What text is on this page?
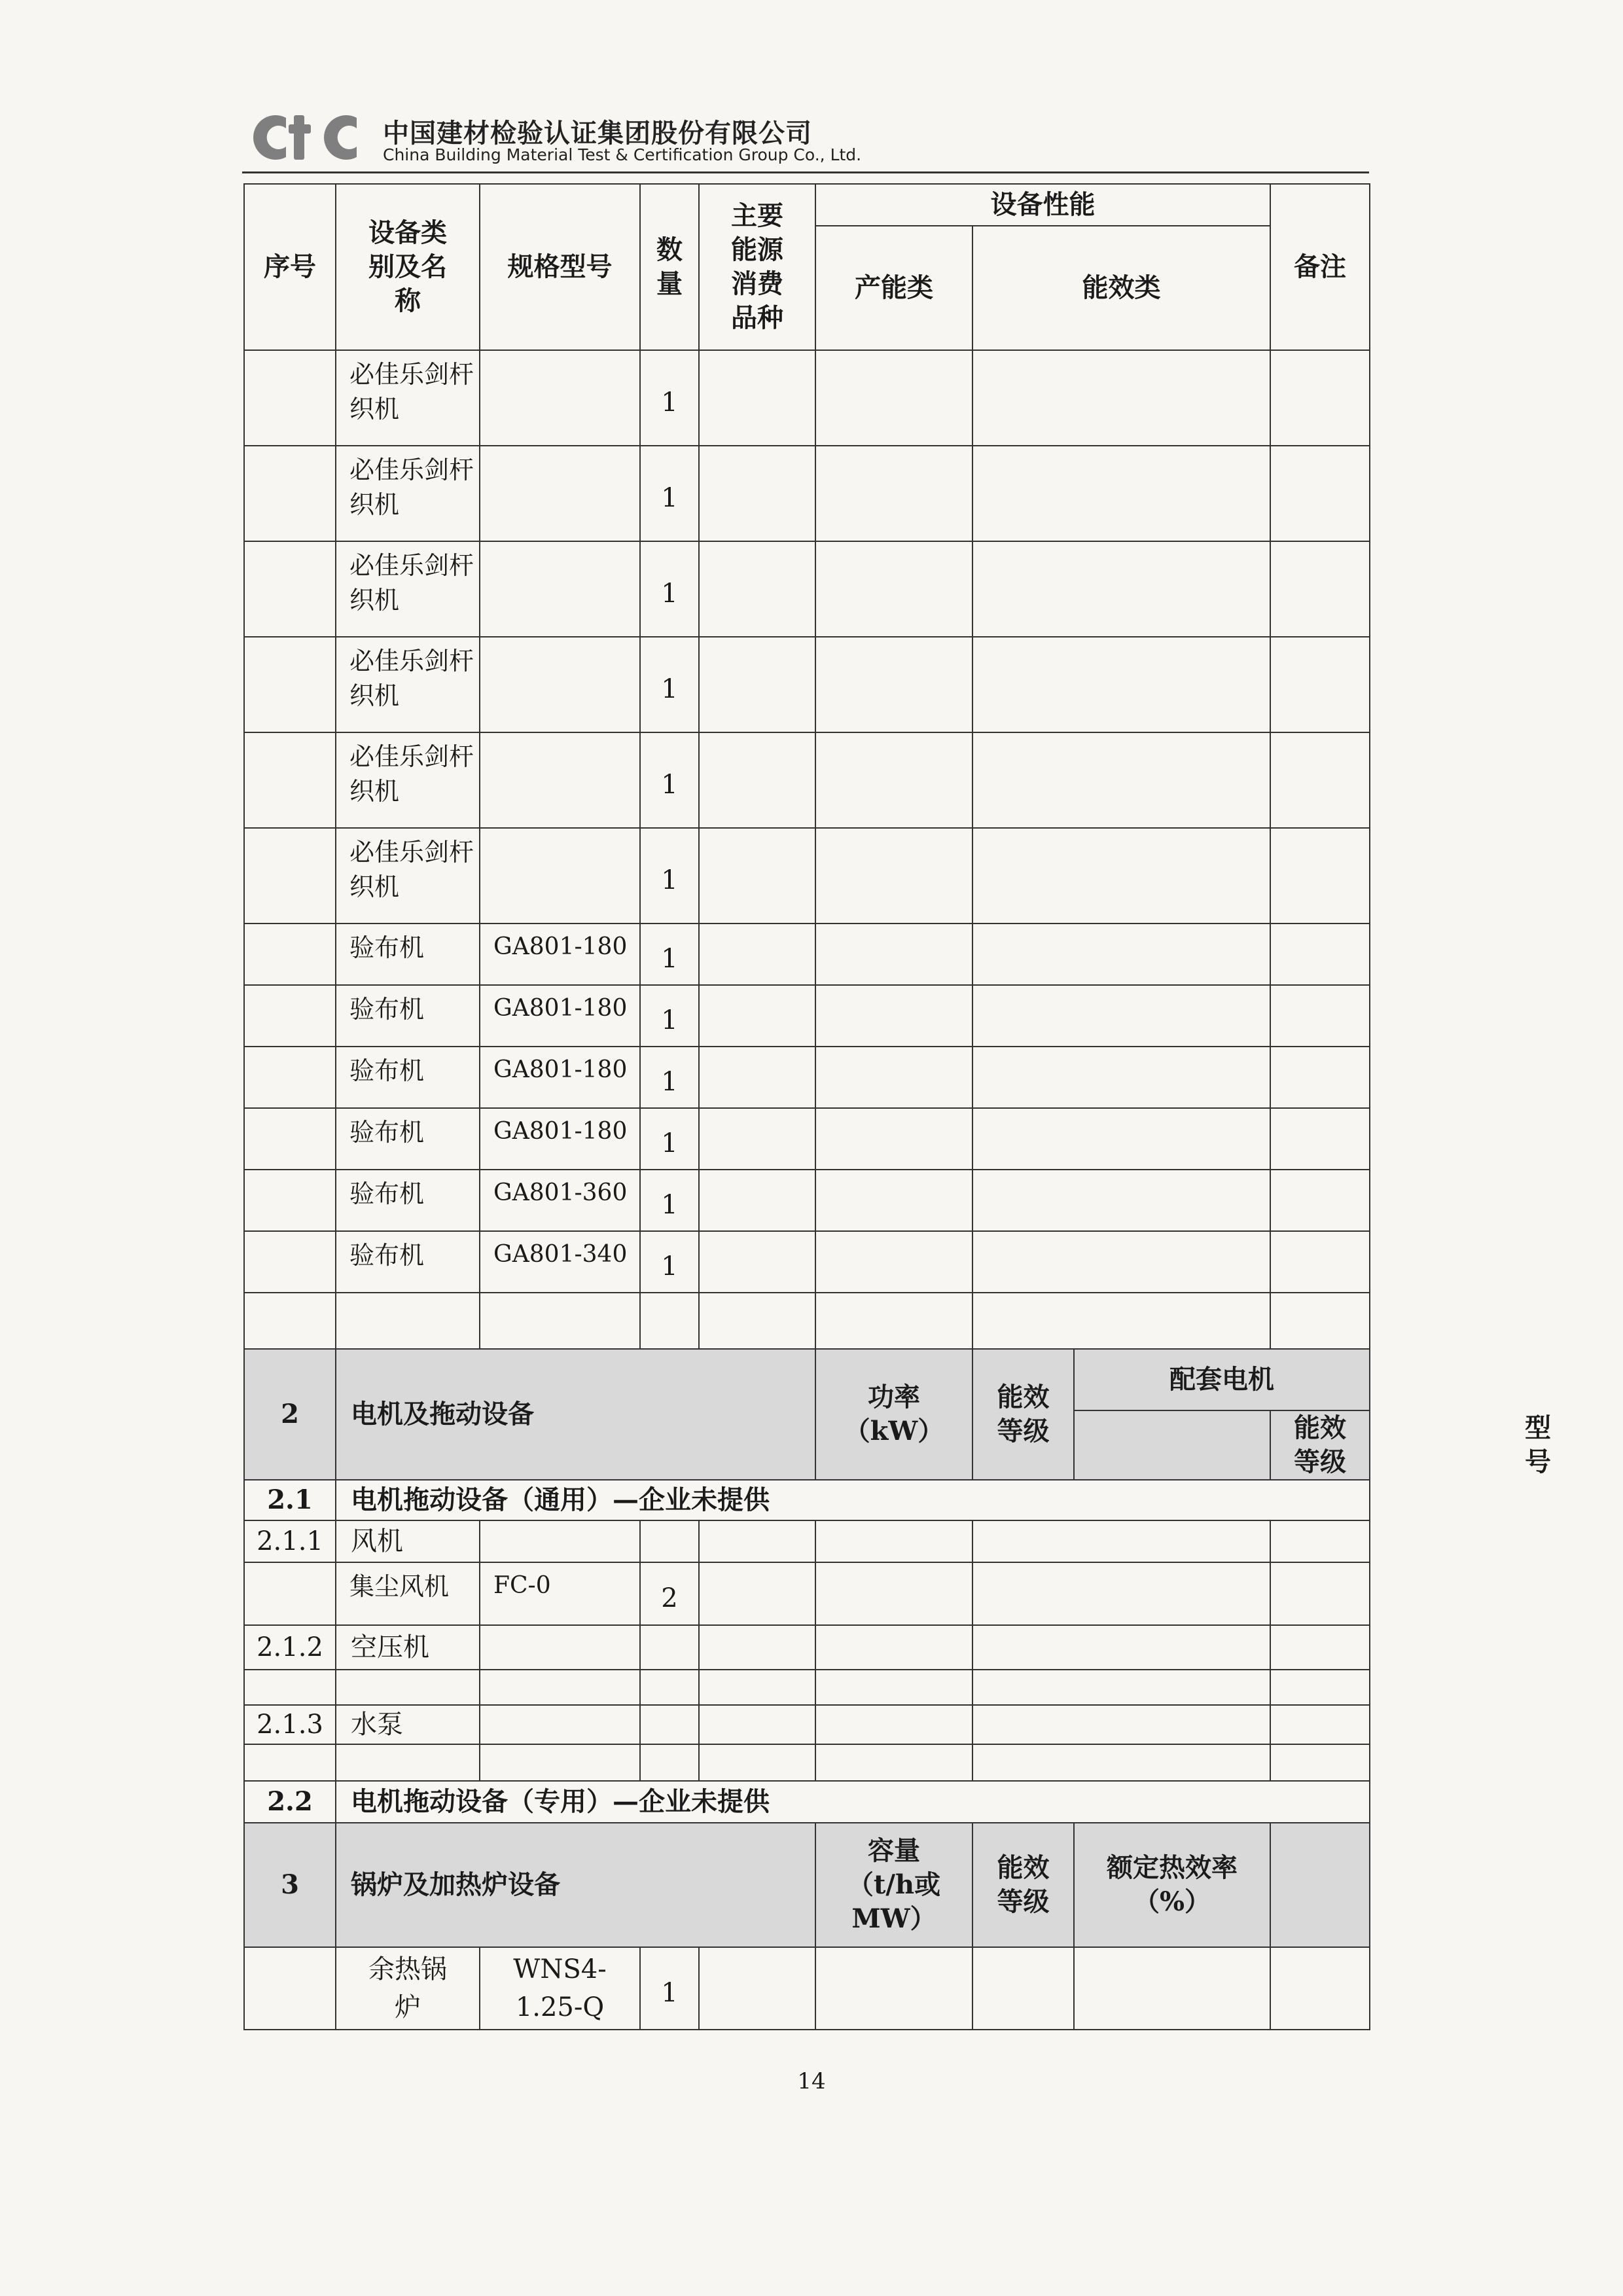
中国建材检验认证集团股份有限公司
China Building Material Test & Certification Group Co., Ltd.
序号	设备类别及名称	规格型号	数量	主要能源消费品种	设备性能			备注
					产能类	能效类		
	必佳乐剑杆织机		1					
	必佳乐剑杆织机		1					
	必佳乐剑杆织机		1					
	必佳乐剑杆织机		1					
	必佳乐剑杆织机		1					
	必佳乐剑杆织机		1					
	验布机	GA801-180	1					
	验布机	GA801-180	1					
	验布机	GA801-180	1					
	验布机	GA801-180	1					
	验布机	GA801-360	1					
	验布机	GA801-340	1					

2	电机及拖动设备				功率（kW）	能效等级	配套电机	
							型号	能效等级
2.1	电机拖动设备（通用）—企业未提供							
2.1.1	风机							
	集尘风机	FC-0	2					
2.1.2	空压机							

2.1.3	水泵							

2.2	电机拖动设备（专用）—企业未提供							
3	锅炉及加热炉设备				容量（t/h或MW）	能效等级	额定热效率（%）	
	余热锅炉	WNS4-1.25-Q	1					
14
